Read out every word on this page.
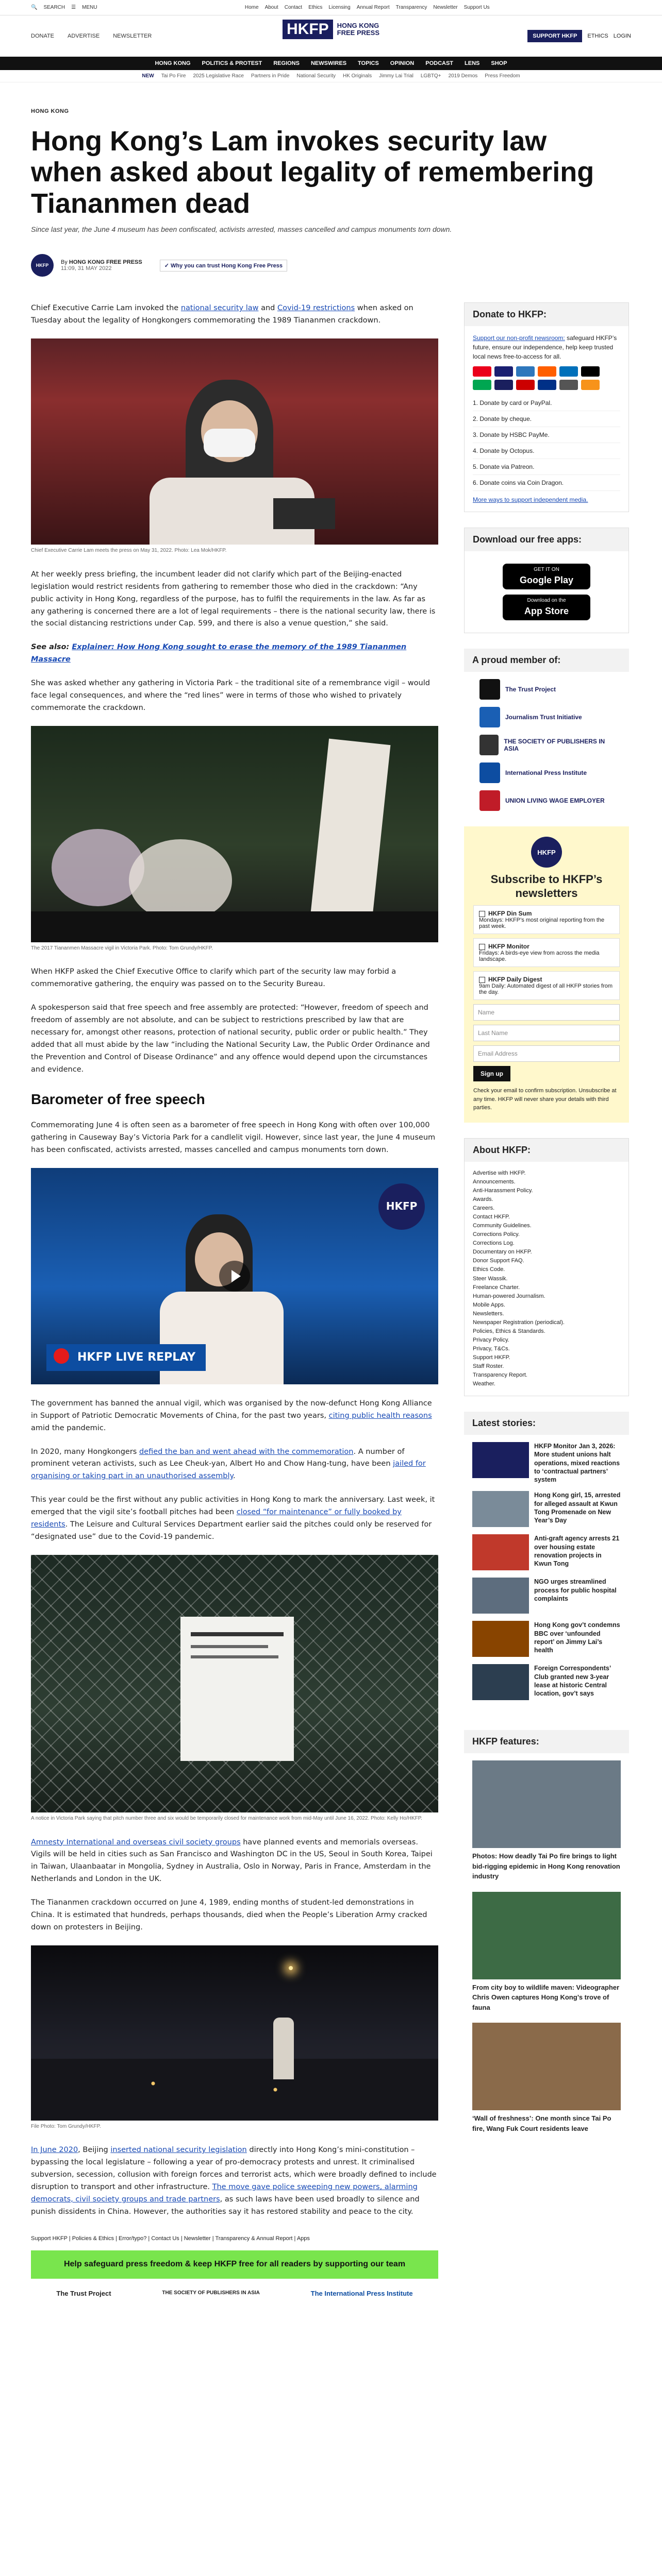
🔍 SEARCH ☰ MENU	Home About Contact Ethics Licensing Annual Report Transparency Newsletter Support Us
DONATE ADVERTISE NEWSLETTER	HKFP	HONG KONG
FREE PRESS	SUPPORT HKFP	ETHICS LOGIN
HONG KONG POLITICS & PROTEST REGIONS NEWSWIRES TOPICS OPINION PODCAST LENS SHOP
NEW Tai Po Fire 2025 Legislative Race Partners in Pride National Security HK Originals Jimmy Lai Trial LGBTQ+ 2019 Demos Press Freedom
HONG KONG
Hong Kong’s Lam invokes security law when asked about legality of remembering Tiananmen dead
Since last year, the June 4 museum has been confiscated, activists arrested, masses cancelled and campus monuments torn down.
HKFP	By HONG KONG FREE PRESS
11:09, 31 MAY 2022	✓ Why you can trust Hong Kong Free Press

Chief Executive Carrie Lam invoked the national security law and Covid-19 restrictions when asked on Tuesday about the legality of Hongkongers commemorating the 1989 Tiananmen crackdown.

Chief Executive Carrie Lam meets the press on May 31, 2022. Photo: Lea Mok/HKFP.

At her weekly press briefing, the incumbent leader did not clarify which part of the Beijing-enacted legislation would restrict residents from gathering to remember those who died in the crackdown: “Any public activity in Hong Kong, regardless of the purpose, has to fulfil the requirements in the law. As far as any gathering is concerned there are a lot of legal requirements – there is the national security law, there is the social distancing restrictions under Cap. 599, and there is also a venue question,” she said.

See also: Explainer: How Hong Kong sought to erase the memory of the 1989 Tiananmen Massacre

She was asked whether any gathering in Victoria Park – the traditional site of a remembrance vigil – would face legal consequences, and where the “red lines” were in terms of those who wished to privately commemorate the crackdown.

The 2017 Tiananmen Massacre vigil in Victoria Park. Photo: Tom Grundy/HKFP.

When HKFP asked the Chief Executive Office to clarify which part of the security law may forbid a commemorative gathering, the enquiry was passed on to the Security Bureau.

A spokesperson said that free speech and free assembly are protected: “However, freedom of speech and freedom of assembly are not absolute, and can be subject to restrictions prescribed by law that are necessary for, amongst other reasons, protection of national security, public order or public health.” They added that all must abide by the law “including the National Security Law, the Public Order Ordinance and the Prevention and Control of Disease Ordinance” and any offence would depend upon the circumstances and evidence.

Barometer of free speech

Commemorating June 4 is often seen as a barometer of free speech in Hong Kong with often over 100,000 gathering in Causeway Bay’s Victoria Park for a candlelit vigil. However, since last year, the June 4 museum has been confiscated, activists arrested, masses cancelled and campus monuments torn down.

HKFP
HKFP LIVE REPLAY

The government has banned the annual vigil, which was organised by the now-defunct Hong Kong Alliance in Support of Patriotic Democratic Movements of China, for the past two years, citing public health reasons amid the pandemic.

In 2020, many Hongkongers defied the ban and went ahead with the commemoration. A number of prominent veteran activists, such as Lee Cheuk-yan, Albert Ho and Chow Hang-tung, have been jailed for organising or taking part in an unauthorised assembly.

This year could be the first without any public activities in Hong Kong to mark the anniversary. Last week, it emerged that the vigil site’s football pitches had been closed “for maintenance” or fully booked by residents. The Leisure and Cultural Services Department earlier said the pitches could only be reserved for “designated use” due to the Covid-19 pandemic.

A notice in Victoria Park saying that pitch number three and six would be temporarily closed for maintenance work from mid-May until June 16, 2022. Photo: Kelly Ho/HKFP.

Amnesty International and overseas civil society groups have planned events and memorials overseas. Vigils will be held in cities such as San Francisco and Washington DC in the US, Seoul in South Korea, Taipei in Taiwan, Ulaanbaatar in Mongolia, Sydney in Australia, Oslo in Norway, Paris in France, Amsterdam in the Netherlands and London in the UK.

The Tiananmen crackdown occurred on June 4, 1989, ending months of student-led demonstrations in China. It is estimated that hundreds, perhaps thousands, died when the People’s Liberation Army cracked down on protesters in Beijing.

File Photo: Tom Grundy/HKFP.

In June 2020, Beijing inserted national security legislation directly into Hong Kong’s mini-constitution – bypassing the local legislature – following a year of pro-democracy protests and unrest. It criminalised subversion, secession, collusion with foreign forces and terrorist acts, which were broadly defined to include disruption to transport and other infrastructure. The move gave police sweeping new powers, alarming democrats, civil society groups and trade partners, as such laws have been used broadly to silence and punish dissidents in China. However, the authorities say it has restored stability and peace to the city.

Support HKFP | Policies & Ethics | Error/typo? | Contact Us | Newsletter | Transparency & Annual Report | Apps
Help safeguard press freedom & keep HKFP free for all readers by supporting our team
The Trust Project	THE SOCIETY OF PUBLISHERS IN ASIA	The International Press Institute
Donate to HKFP:
Support our non-profit newsroom: safeguard HKFP’s future, ensure our independence, help keep trusted local news free-to-access for all.
1. Donate by card or PayPal.
2. Donate by cheque.
3. Donate by HSBC PayMe.
4. Donate by Octopus.
5. Donate via Patreon.
6. Donate coins via Coin Dragon.
More ways to support independent media.
Download our free apps:
GET IT ON
Google Play
Download on the
App Store
A proud member of:
The Trust Project
Journalism Trust Initiative
THE SOCIETY OF PUBLISHERS IN ASIA
International Press Institute
UNION LIVING WAGE EMPLOYER
HKFP
Subscribe to HKFP’s newsletters
HKFP Din Sum
Mondays: HKFP’s most original reporting from the past week.
HKFP Monitor
Fridays: A birds-eye view from across the media landscape.
HKFP Daily Digest
9am Daily: Automated digest of all HKFP stories from the day.
Name
Last Name
Email Address
Sign up
Check your email to confirm subscription. Unsubscribe at any time. HKFP will never share your details with third parties.
About HKFP:
Advertise with HKFP.
Announcements.
Anti-Harassment Policy.
Awards.
Careers.
Contact HKFP.
Community Guidelines.
Corrections Policy.
Corrections Log.
Documentary on HKFP.
Donor Support FAQ.
Ethics Code.
Steer Wassik.
Freelance Charter.
Human-powered Journalism.
Mobile Apps.
Newsletters.
Newspaper Registration (periodical).
Policies, Ethics & Standards.
Privacy Policy.
Privacy, T&Cs.
Support HKFP.
Staff Roster.
Transparency Report.
Weather.
Latest stories:
HKFP Monitor Jan 3, 2026: More student unions halt operations, mixed reactions to ‘contractual partners’ system
Hong Kong girl, 15, arrested for alleged assault at Kwun Tong Promenade on New Year’s Day
Anti-graft agency arrests 21 over housing estate renovation projects in Kwun Tong
NGO urges streamlined process for public hospital complaints
Hong Kong gov’t condemns BBC over ‘unfounded report’ on Jimmy Lai’s health
Foreign Correspondents’ Club granted new 3-year lease at historic Central location, gov’t says
HKFP features:
Photos: How deadly Tai Po fire brings to light bid-rigging epidemic in Hong Kong renovation industry
From city boy to wildlife maven: Videographer Chris Owen captures Hong Kong’s trove of fauna
‘Wall of freshness’: One month since Tai Po fire, Wang Fuk Court residents leave
